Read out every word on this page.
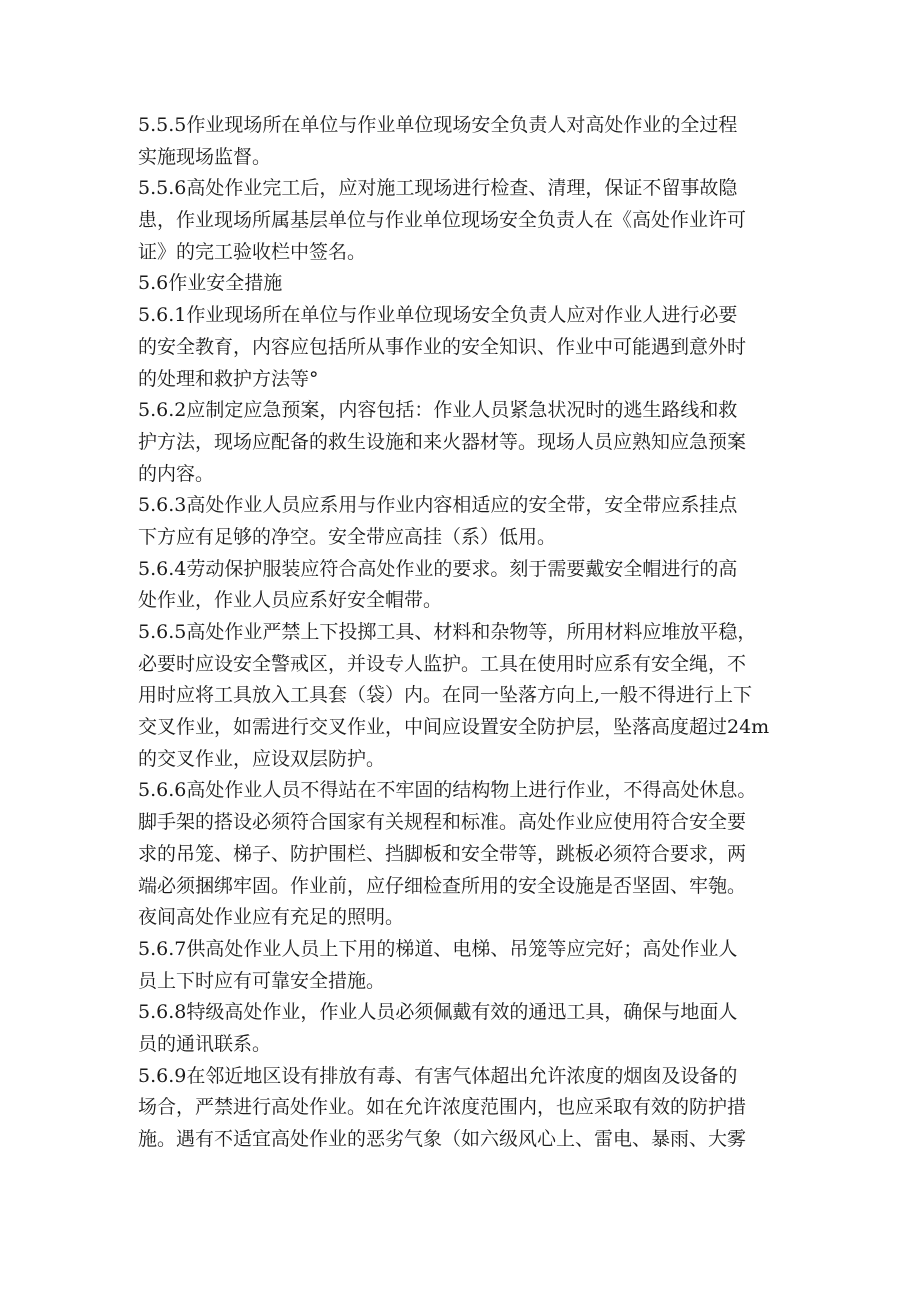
5.5.5作业现场所在单位与作业单位现场安全负责人对高处作业的全过程
实施现场监督。
5.5.6高处作业完工后，应对施工现场进行检查、清理，保证不留事故隐
患，作业现场所属基层单位与作业单位现场安全负责人在《高处作业许可
证》的完工验收栏中签名。
5.6作业安全措施
5.6.1作业现场所在单位与作业单位现场安全负责人应对作业人进行必要
的安全教育，内容应包括所从事作业的安全知识、作业中可能遇到意外时
的处理和救护方法等°
5.6.2应制定应急预案，内容包括：作业人员紧急状况时的逃生路线和救
护方法，现场应配备的救生设施和来火器材等。现场人员应熟知应急预案
的内容。
5.6.3高处作业人员应系用与作业内容相适应的安全带，安全带应系挂点
下方应有足够的净空。安全带应高挂（系）低用。
5.6.4劳动保护服装应符合高处作业的要求。刻于需要戴安全帽进行的高
处作业，作业人员应系好安全帽带。
5.6.5高处作业严禁上下投掷工具、材料和杂物等，所用材料应堆放平稳，
必要时应设安全警戒区，并设专人监护。工具在使用时应系有安全绳，不
用时应将工具放入工具套（袋）内。在同一坠落方向上,一般不得进行上下
交叉作业，如需进行交叉作业，中间应设置安全防护层，坠落高度超过24m
的交叉作业，应设双层防护。
5.6.6高处作业人员不得站在不牢固的结构物上进行作业，不得高处休息。
脚手架的搭设必须符合国家有关规程和标准。高处作业应使用符合安全要
求的吊笼、梯子、防护围栏、挡脚板和安全带等，跳板必须符合要求，两
端必须捆绑牢固。作业前，应仔细检查所用的安全设施是否坚固、牢匏。
夜间高处作业应有充足的照明。
5.6.7供高处作业人员上下用的梯道、电梯、吊笼等应完好；高处作业人
员上下时应有可靠安全措施。
5.6.8特级高处作业，作业人员必须佩戴有效的通迅工具，确保与地面人
员的通讯联系。
5.6.9在邻近地区设有排放有毒、有害气体超出允许浓度的烟囱及设备的
场合，严禁进行高处作业。如在允许浓度范围内，也应采取有效的防护措
施。遇有不适宜高处作业的恶劣气象（如六级风心上、雷电、暴雨、大雾
